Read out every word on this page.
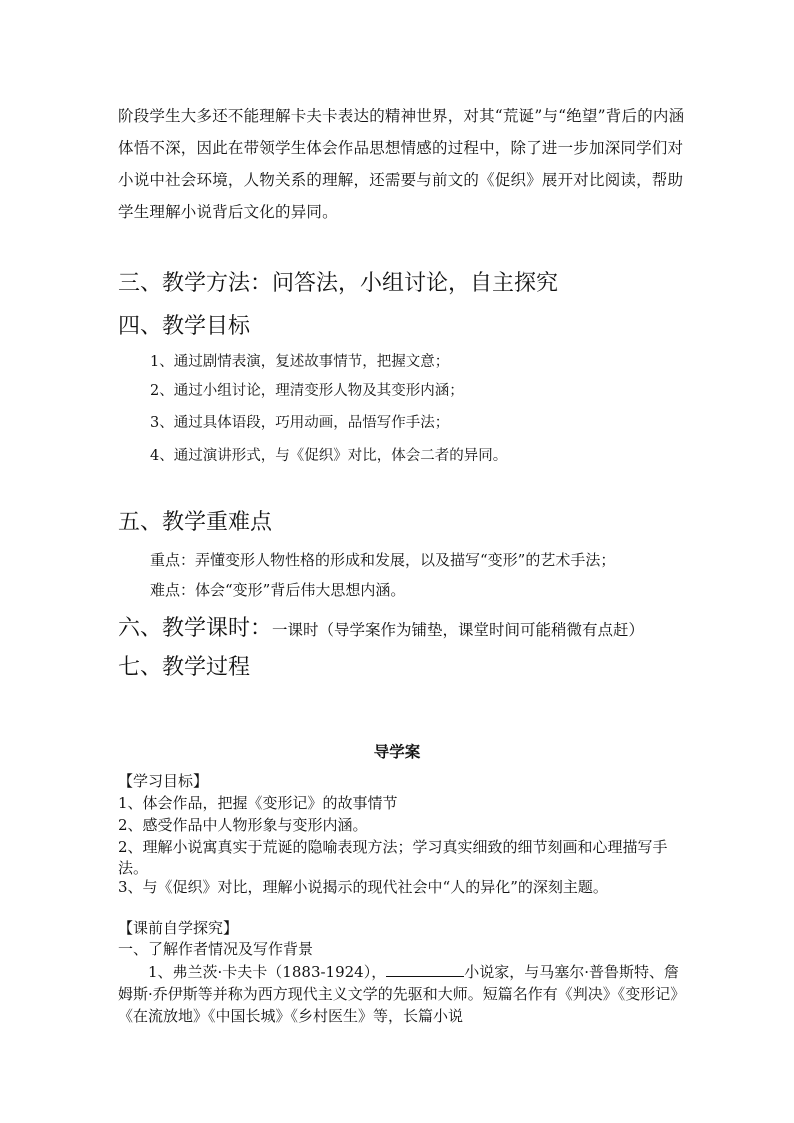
阶段学生大多还不能理解卡夫卡表达的精神世界，对其“荒诞”与“绝望”背后的内涵体悟不深，因此在带领学生体会作品思想情感的过程中，除了进一步加深同学们对小说中社会环境，人物关系的理解，还需要与前文的《促织》展开对比阅读，帮助学生理解小说背后文化的异同。
三、教学方法：问答法，小组讨论，自主探究
四、教学目标
1、通过剧情表演，复述故事情节，把握文意；
2、通过小组讨论，理清变形人物及其变形内涵；
3、通过具体语段，巧用动画，品悟写作手法；
4、通过演讲形式，与《促织》对比，体会二者的异同。
五、教学重难点
重点：弄懂变形人物性格的形成和发展，以及描写“变形”的艺术手法；
难点：体会“变形”背后伟大思想内涵。
六、教学课时：一课时（导学案作为铺垫，课堂时间可能稍微有点赶）
七、教学过程
导学案
【学习目标】
1、体会作品，把握《变形记》的故事情节
2、感受作品中人物形象与变形内涵。
2、理解小说寓真实于荒诞的隐喻表现方法；学习真实细致的细节刻画和心理描写手法。
3、与《促织》对比，理解小说揭示的现代社会中“人的异化”的深刻主题。
【课前自学探究】
一、了解作者情况及写作背景
1、弗兰茨·卡夫卡（1883-1924），	小说家，与马塞尔·普鲁斯特、詹姆斯·乔伊斯等并称为西方现代主义文学的先驱和大师。短篇名作有《判决》《变形记》《在流放地》《中国长城》《乡村医生》等，长篇小说
